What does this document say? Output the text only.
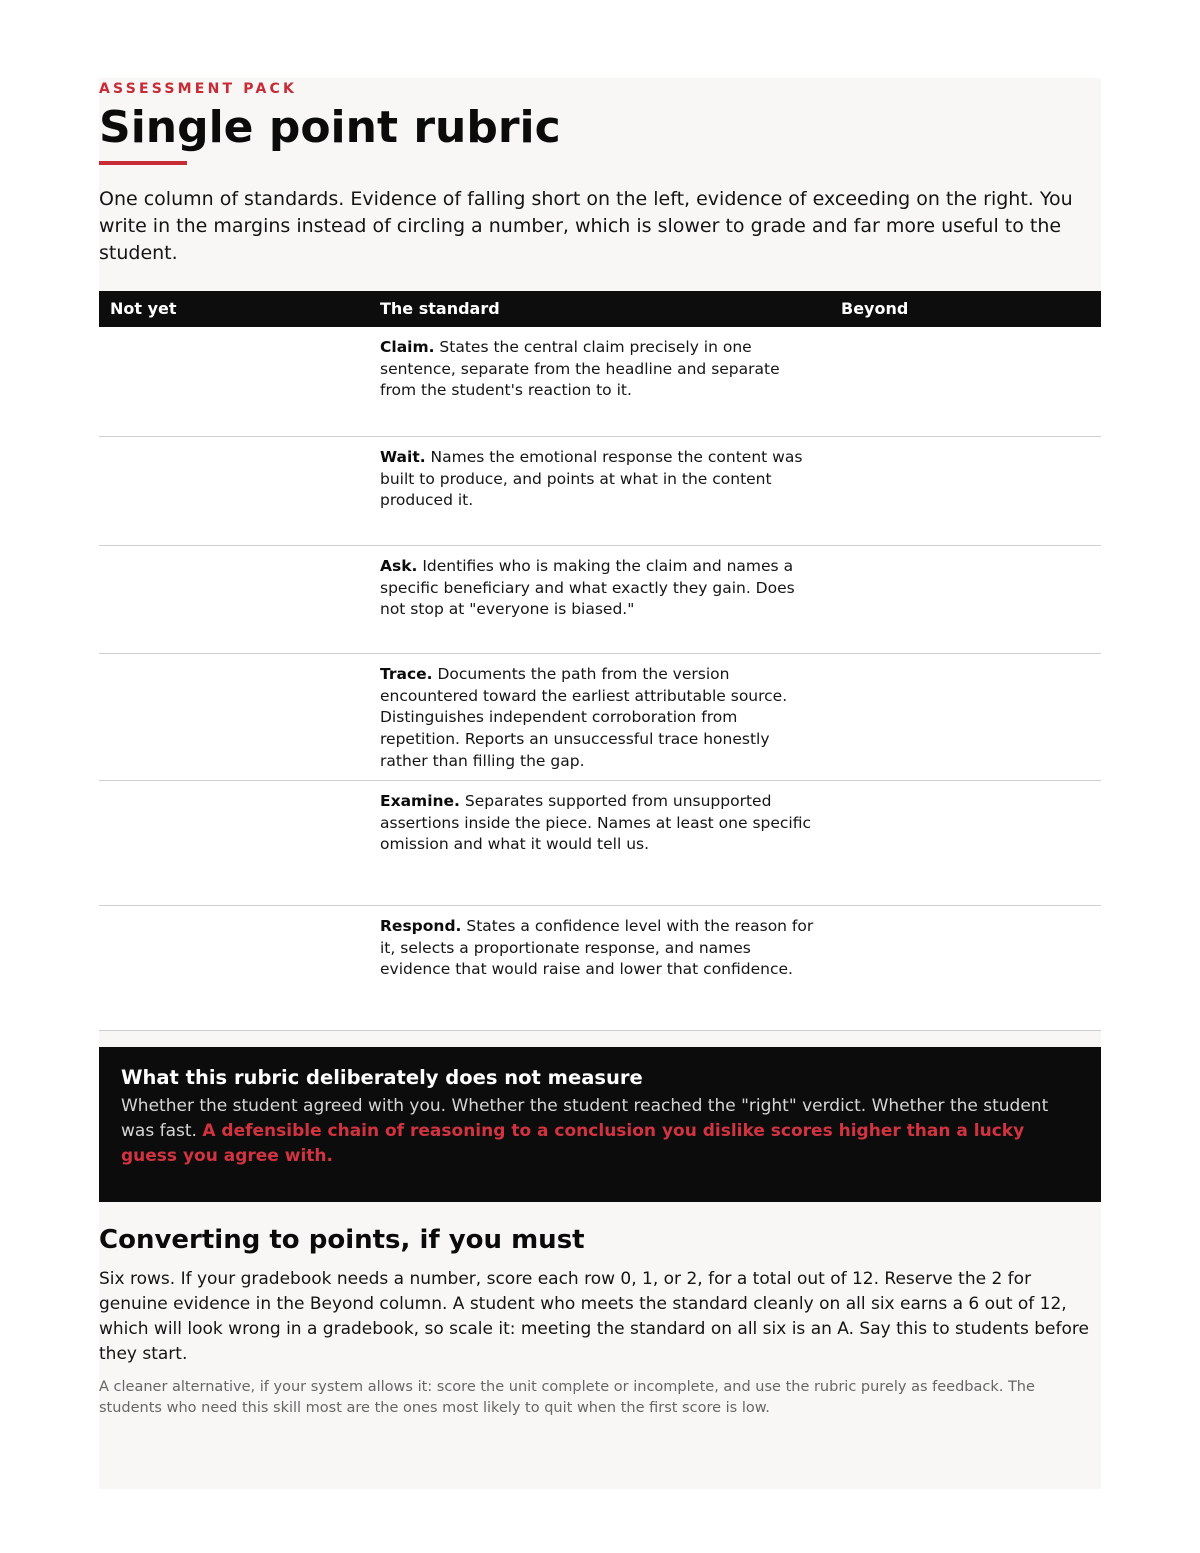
ASSESSMENT PACK
Single point rubric

One column of standards. Evidence of falling short on the left, evidence of exceeding on the right. You write in the margins instead of circling a number, which is slower to grade and far more useful to the student.

Not yet	The standard	Beyond
Claim. States the central claim precisely in one sentence, separate from the headline and separate from the student's reaction to it.
Wait. Names the emotional response the content was built to produce, and points at what in the content produced it.
Ask. Identifies who is making the claim and names a specific beneficiary and what exactly they gain. Does not stop at "everyone is biased."
Trace. Documents the path from the version encountered toward the earliest attributable source. Distinguishes independent corroboration from repetition. Reports an unsuccessful trace honestly rather than filling the gap.
Examine. Separates supported from unsupported assertions inside the piece. Names at least one specific omission and what it would tell us.
Respond. States a confidence level with the reason for it, selects a proportionate response, and names evidence that would raise and lower that confidence.
What this rubric deliberately does not measure

Whether the student agreed with you. Whether the student reached the "right" verdict. Whether the student was fast. A defensible chain of reasoning to a conclusion you dislike scores higher than a lucky guess you agree with.

Converting to points, if you must

Six rows. If your gradebook needs a number, score each row 0, 1, or 2, for a total out of 12. Reserve the 2 for genuine evidence in the Beyond column. A student who meets the standard cleanly on all six earns a 6 out of 12, which will look wrong in a gradebook, so scale it: meeting the standard on all six is an A. Say this to students before they start.

A cleaner alternative, if your system allows it: score the unit complete or incomplete, and use the rubric purely as feedback. The students who need this skill most are the ones most likely to quit when the first score is low.
